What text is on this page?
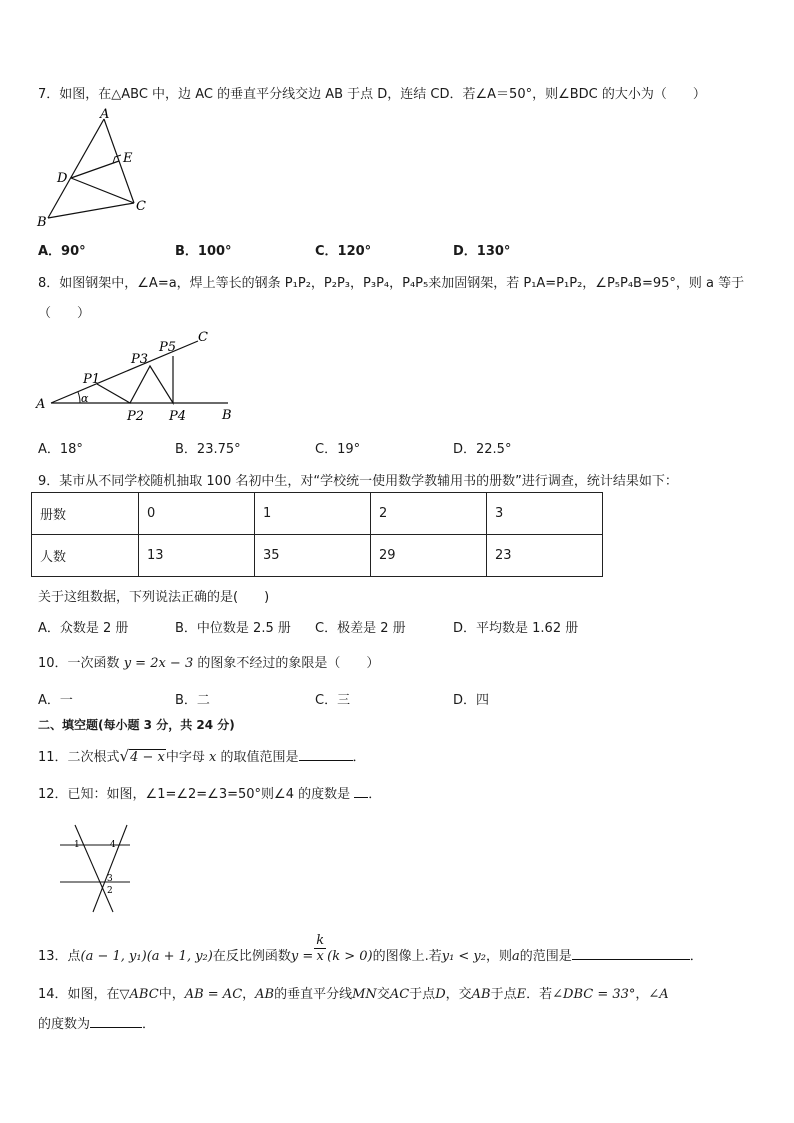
7．如图，在△ABC 中，边 AC 的垂直平分线交边 AB 于点 D，连结 CD．若∠A＝50°，则∠BDC 的大小为（　　）
A
E
D
C
B
A．90°	B．100°	C．120°	D．130°
8．如图钢架中，∠A=a，焊上等长的钢条 P₁P₂，P₂P₃，P₃P₄，P₄P₅来加固钢架，若 P₁A=P₁P₂，∠P₅P₄B=95°，则 a 等于
（　　）
A
P1
α
P2
P3
P4
P5
C
B
A．18°	B．23.75°	C．19°	D．22.5°
9．某市从不同学校随机抽取 100 名初中生，对“学校统一使用数学教辅用书的册数”进行调查，统计结果如下：
册数	0	1	2	3
人数	13	35	29	23
关于这组数据，下列说法正确的是(　　)
A．众数是 2 册	B．中位数是 2.5 册 C．极差是 2 册	D．平均数是 1.62 册
10．一次函数 y = 2x − 3 的图象不经过的象限是（　　）
A．一	B．二	C．三	D．四
二、填空题(每小题 3 分，共 24 分)
11．二次根式√4 − x中字母 x 的取值范围是	．
12．已知：如图，∠1=∠2=∠3=50°则∠4 的度数是 ．
1	4
3
2
13．点(a − 1, y₁)(a + 1, y₂)在反比例函数$y = \frac{k}{x} (k > 0)$的图像上.若y₁ < y₂，则a的范围是	．
14．如图，在▽ABC中，AB = AC，AB的垂直平分线MN交AC于点D，交AB于点E．若∠DBC = 33°，∠A
的度数为	．
